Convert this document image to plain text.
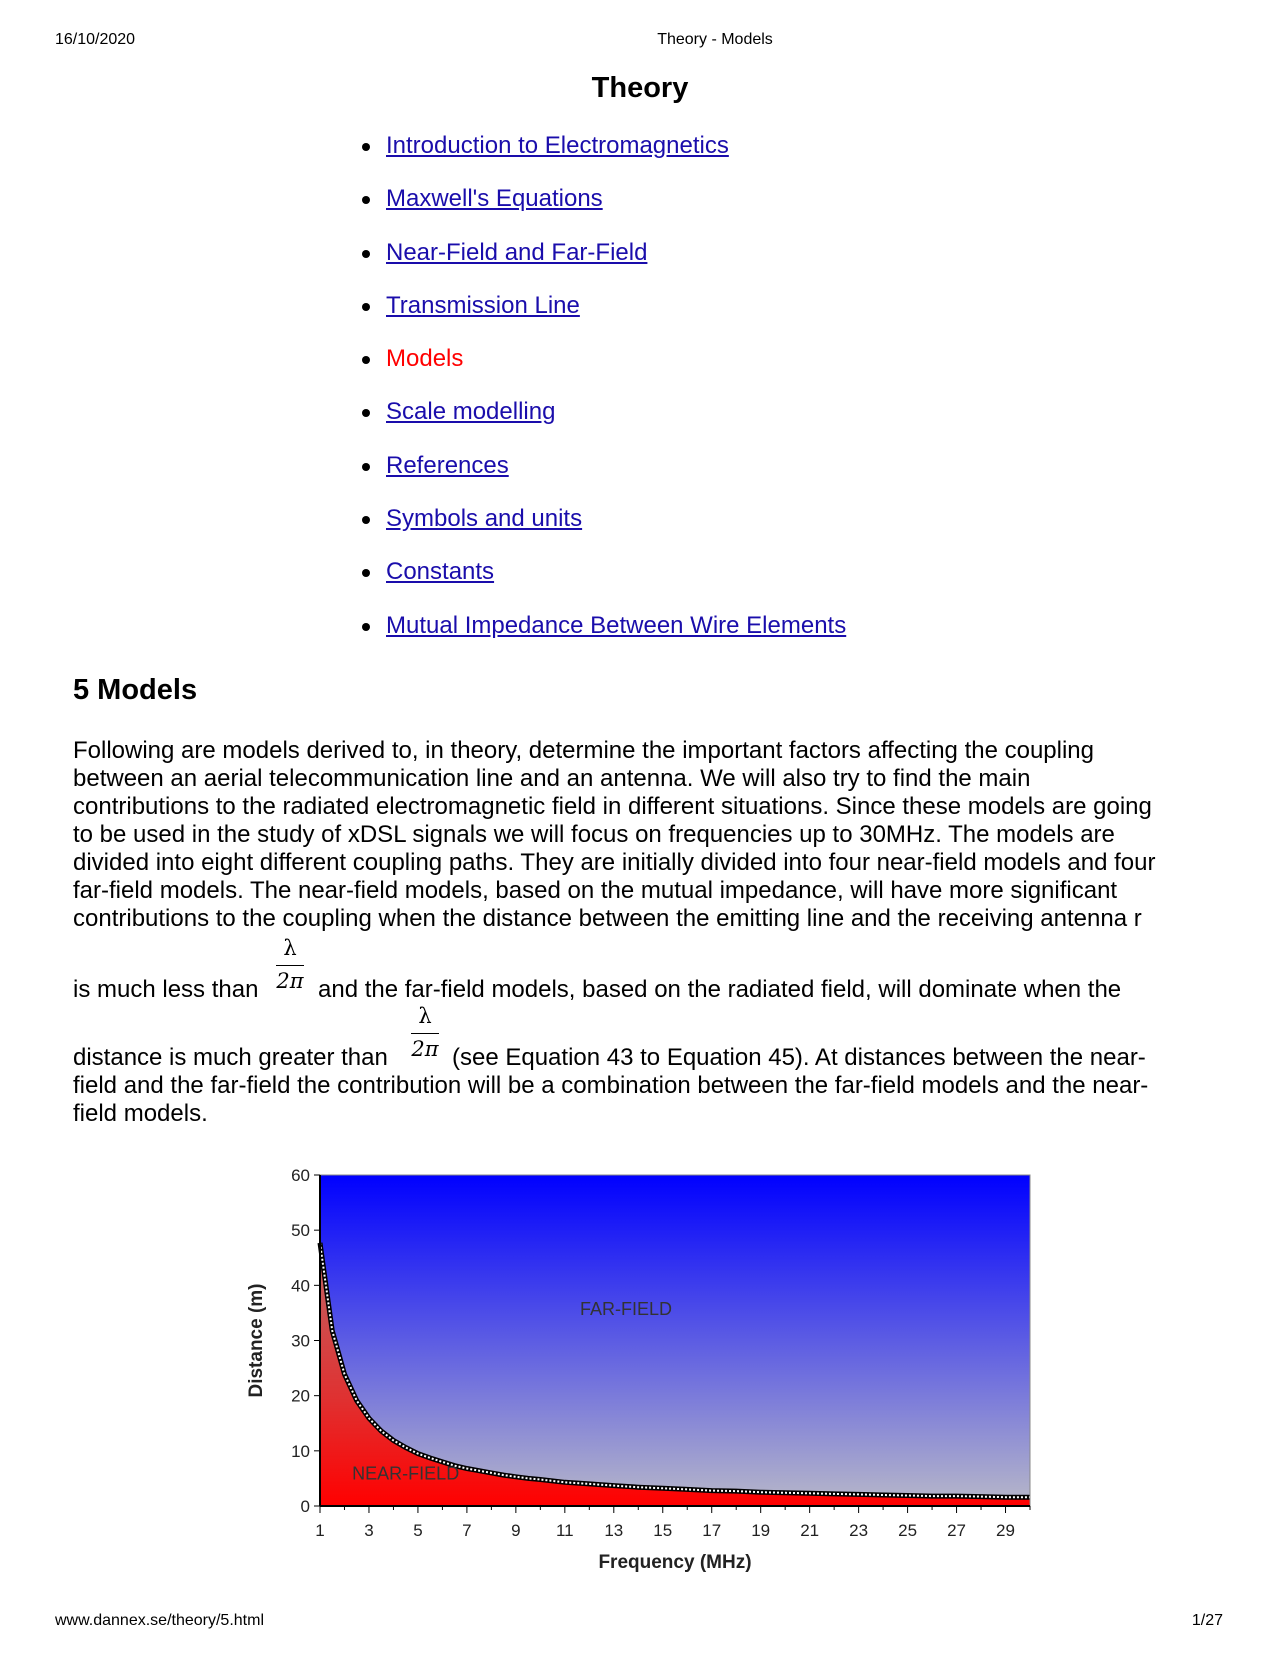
16/10/2020	Theory - Models
Theory
Introduction to Electromagnetics
Maxwell's Equations
Near-Field and Far-Field
Transmission Line
Models
Scale modelling
References
Symbols and units
Constants
Mutual Impedance Between Wire Elements
5 Models
Following are models derived to, in theory, determine the important factors affecting the coupling
between an aerial telecommunication line and an antenna. We will also try to find the main
contributions to the radiated electromagnetic field in different situations. Since these models are going
to be used in the study of xDSL signals we will focus on frequencies up to 30MHz. The models are
divided into eight different coupling paths. They are initially divided into four near-field models and four
far-field models. The near-field models, based on the mutual impedance, will have more significant
contributions to the coupling when the distance between the emitting line and the receiving antenna r
is much less than
λ
2π and the far-field models, based on the radiated field, will dominate when the
distance is much greater than
λ
2π (see Equation 43 to Equation 45). At distances between the near-
field and the far-field the contribution will be a combination between the far-field models and the near-
field models.
0
10
20
30
40
50
60
1 3 5 7 9 11 13 15 17 19 21 23 25 27 29
Frequency (MHz)
Distance (m)	FAR-FIELD
NEAR-FIELD
www.dannex.se/theory/5.html	1/27
